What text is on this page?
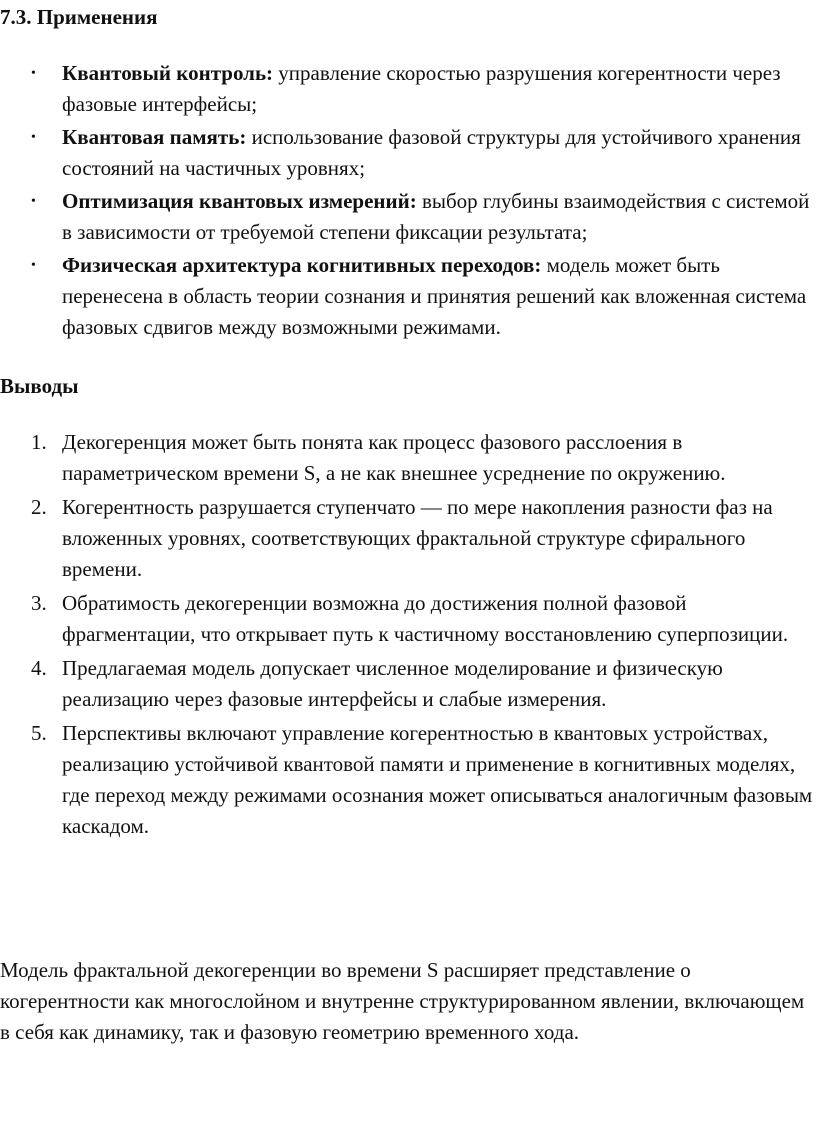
7.3. Применения
• Квантовый контроль: управление скоростью разрушения когерентности через фазовые интерфейсы;
• Квантовая память: использование фазовой структуры для устойчивого хранения состояний на частичных уровнях;
• Оптимизация квантовых измерений: выбор глубины взаимодействия с системой в зависимости от требуемой степени фиксации результата;
• Физическая архитектура когнитивных переходов: модель может быть перенесена в область теории сознания и принятия решений как вложенная система фазовых сдвигов между возможными режимами.
Выводы
1. Декогеренция может быть понята как процесс фазового расслоения в параметрическом времени S, а не как внешнее усреднение по окружению.
2. Когерентность разрушается ступенчато — по мере накопления разности фаз на вложенных уровнях, соответствующих фрактальной структуре сфирального времени.
3. Обратимость декогеренции возможна до достижения полной фазовой фрагментации, что открывает путь к частичному восстановлению суперпозиции.
4. Предлагаемая модель допускает численное моделирование и физическую реализацию через фазовые интерфейсы и слабые измерения.
5. Перспективы включают управление когерентностью в квантовых устройствах, реализацию устойчивой квантовой памяти и применение в когнитивных моделях, где переход между режимами осознания может описываться аналогичным фазовым каскадом.

Модель фрактальной декогеренции во времени S расширяет представление о когерентности как многослойном и внутренне структурированном явлении, включающем в себя как динамику, так и фазовую геометрию временного хода.
